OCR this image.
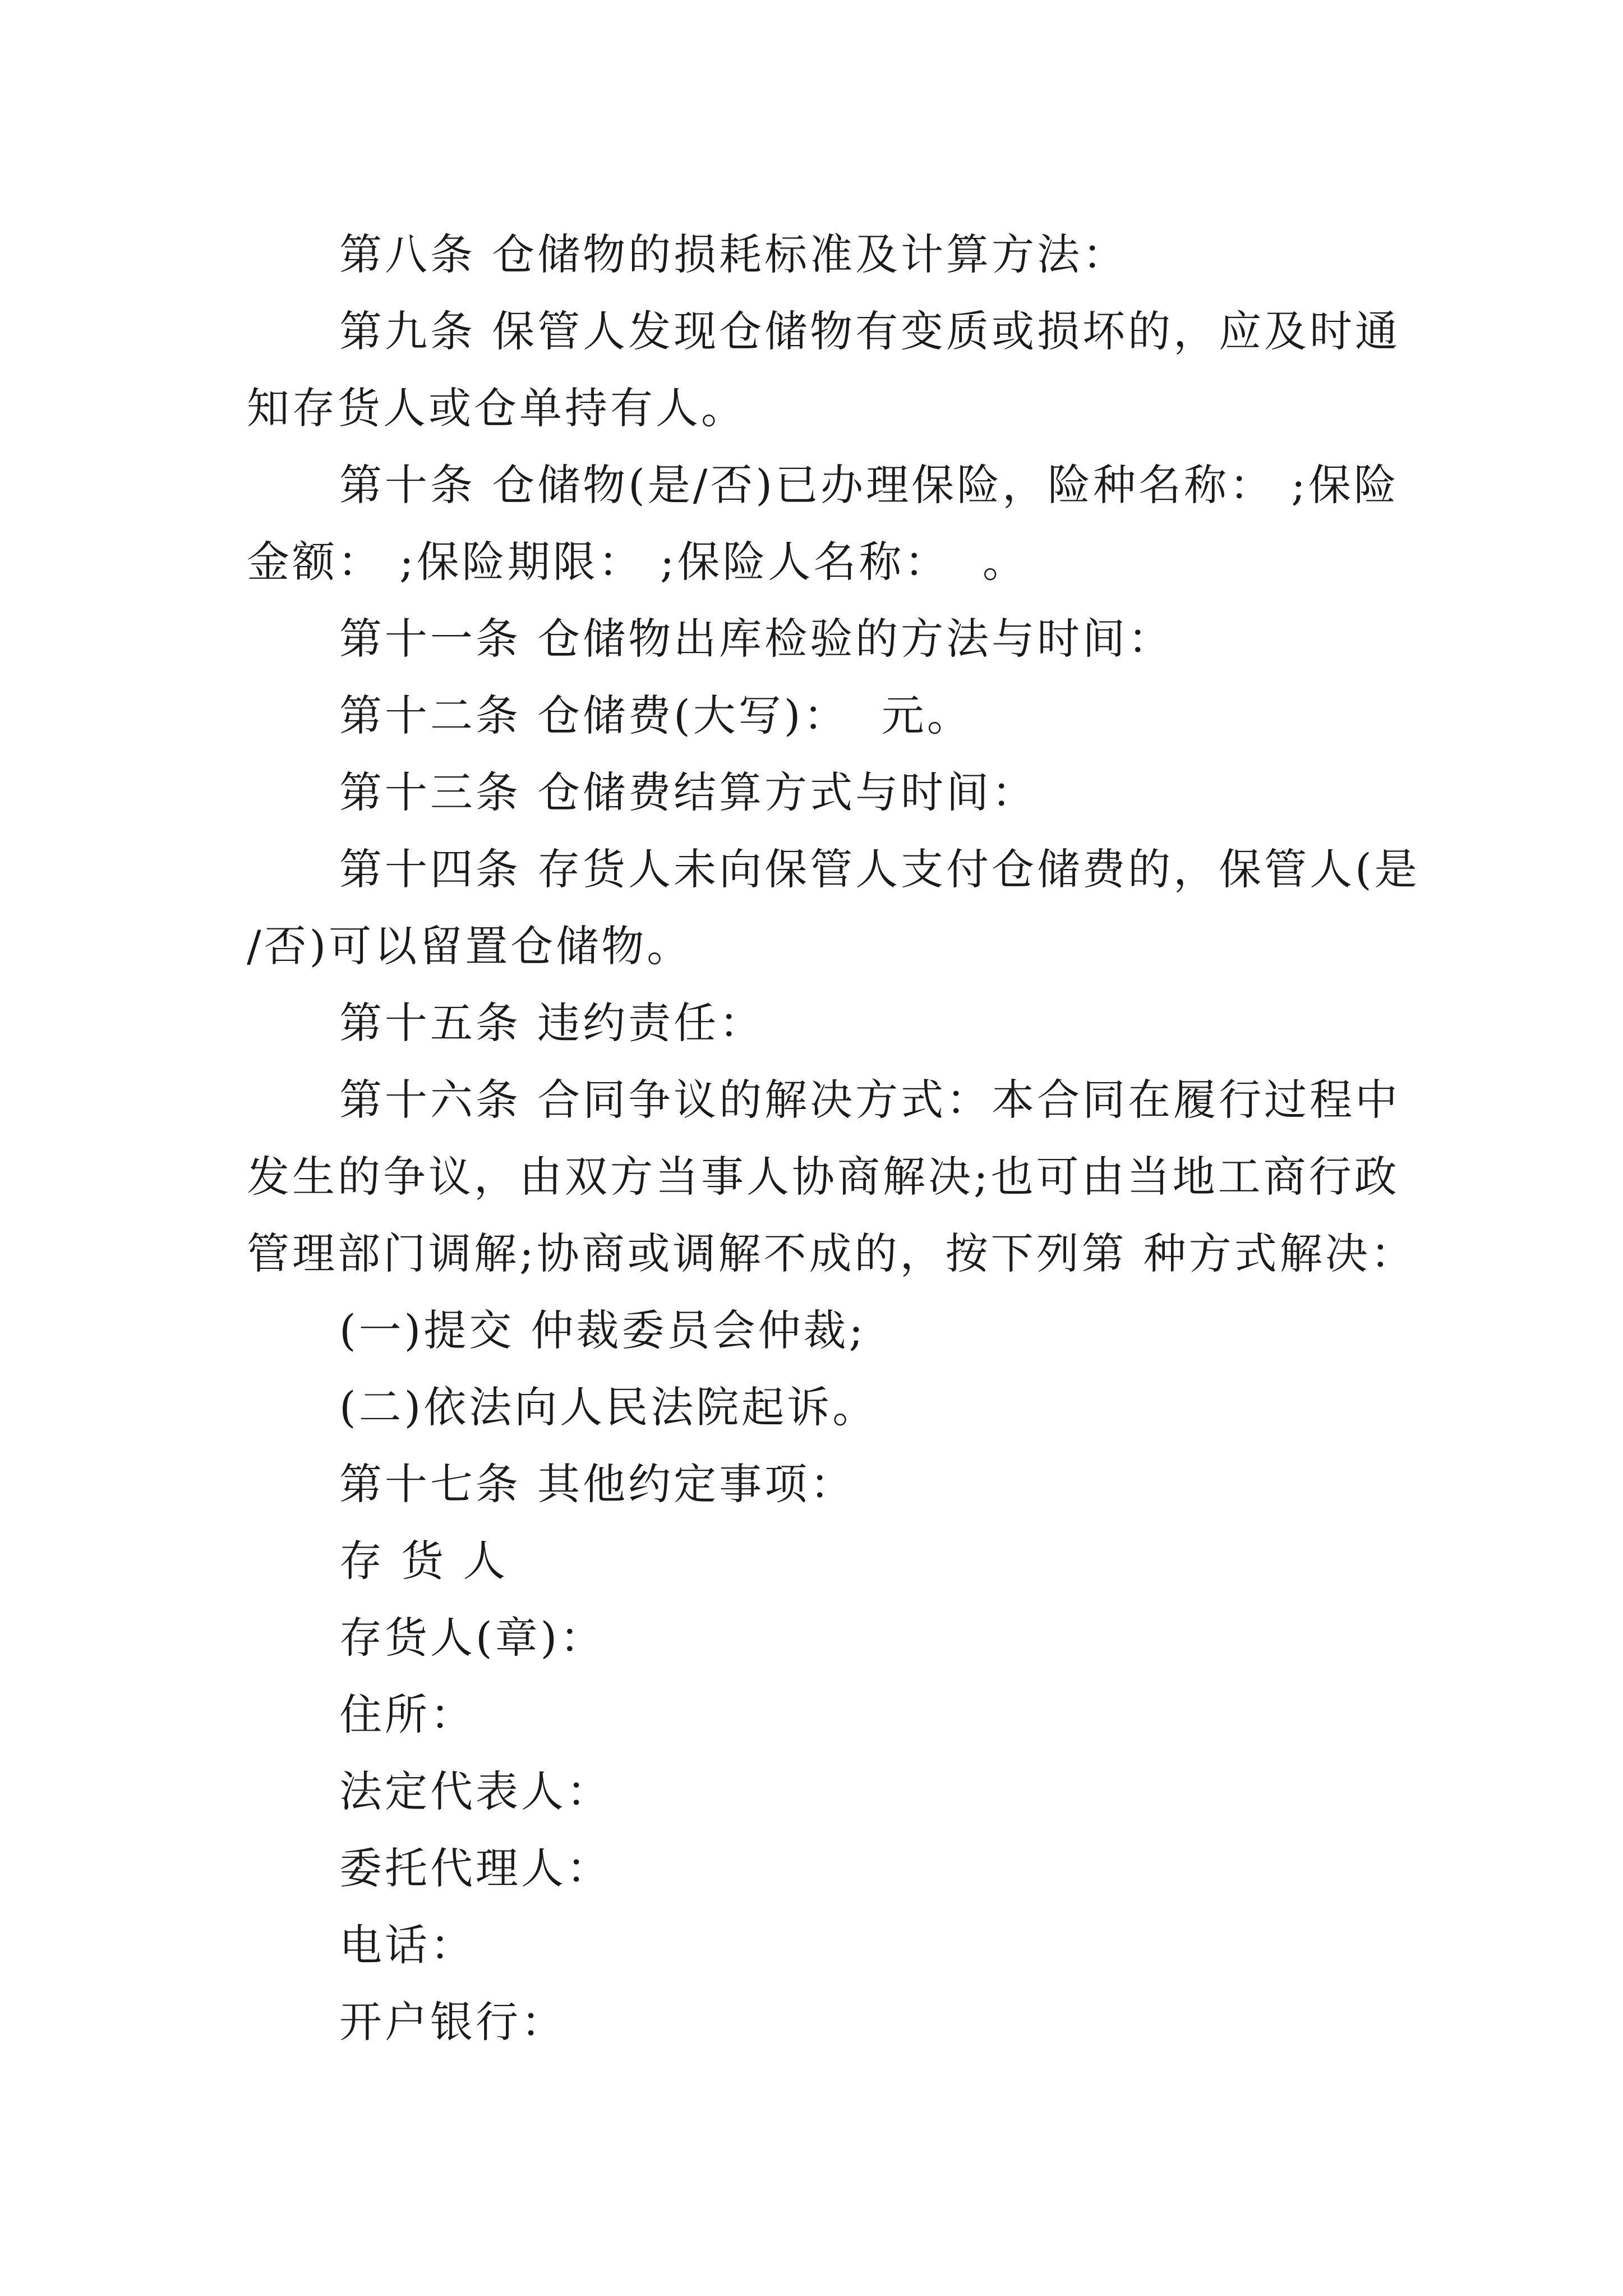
第八条 仓储物的损耗标准及计算方法：
第九条 保管人发现仓储物有变质或损坏的，应及时通
知存货人或仓单持有人。
第十条 仓储物(是/否)已办理保险，险种名称： ;保险
金额： ;保险期限： ;保险人名称：  。
第十一条 仓储物出库检验的方法与时间：
第十二条 仓储费(大写)：  元。
第十三条 仓储费结算方式与时间：
第十四条 存货人未向保管人支付仓储费的，保管人(是
/否)可以留置仓储物。
第十五条 违约责任：
第十六条 合同争议的解决方式：本合同在履行过程中
发生的争议，由双方当事人协商解决;也可由当地工商行政
管理部门调解;协商或调解不成的，按下列第 种方式解决：
(一)提交 仲裁委员会仲裁;
(二)依法向人民法院起诉。
第十七条 其他约定事项：
存 货 人
存货人(章)：
住所：
法定代表人：
委托代理人：
电话：
开户银行：
